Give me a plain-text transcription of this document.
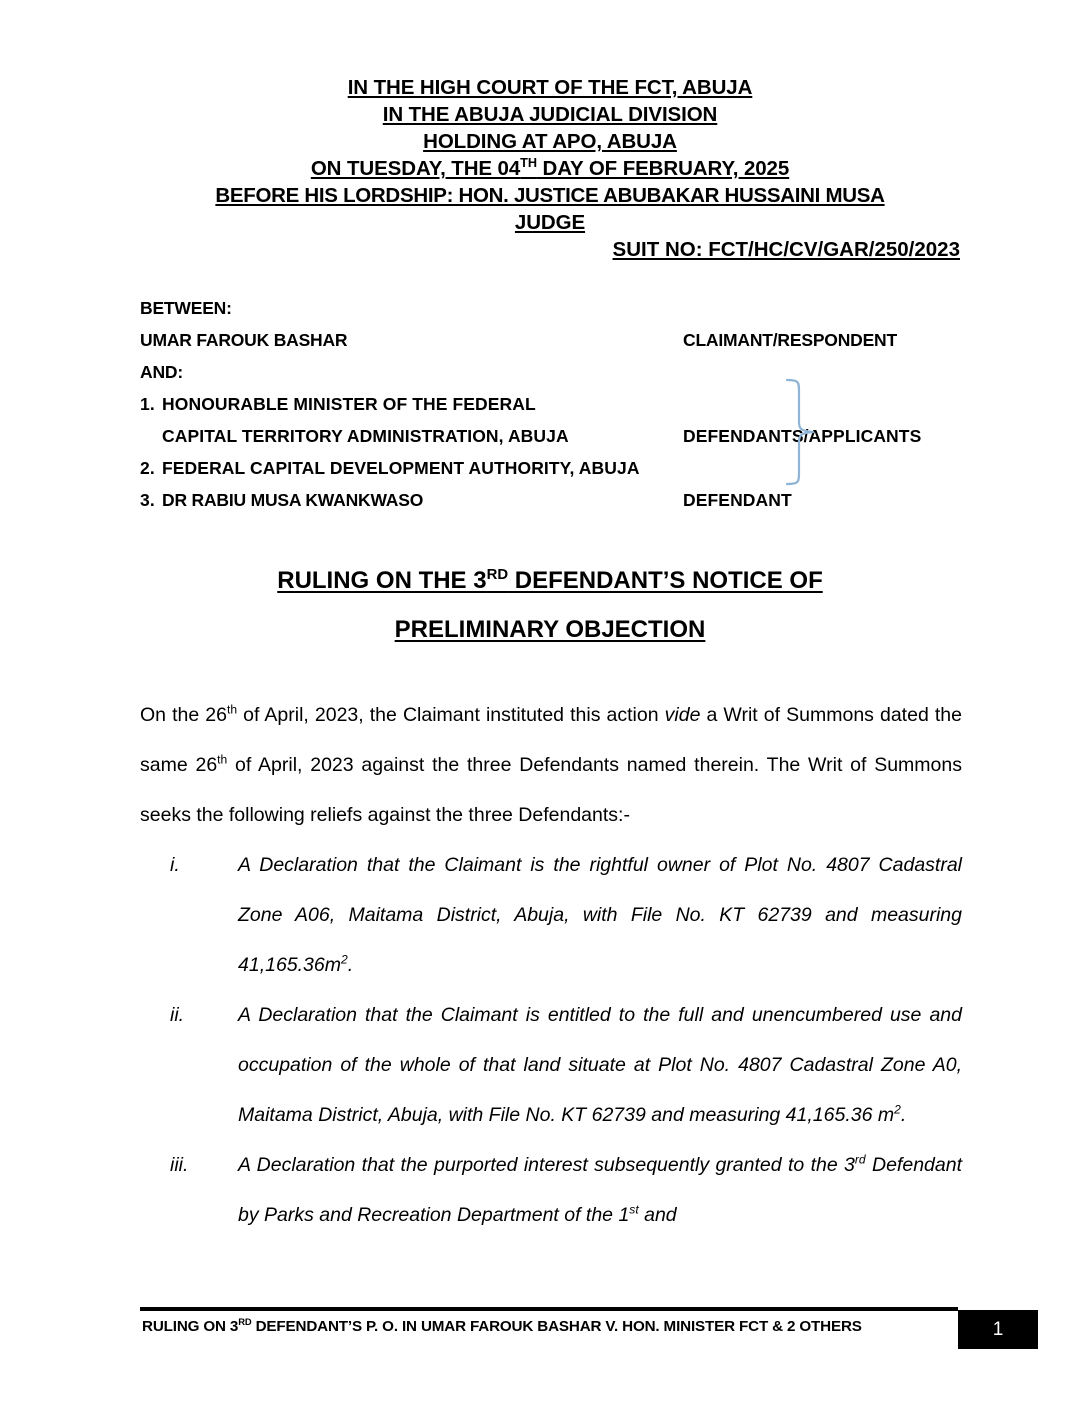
IN THE HIGH COURT OF THE FCT, ABUJA
IN THE ABUJA JUDICIAL DIVISION
HOLDING AT APO, ABUJA
ON TUESDAY, THE 04TH DAY OF FEBRUARY, 2025
BEFORE HIS LORDSHIP: HON. JUSTICE ABUBAKAR HUSSAINI MUSA
JUDGE
SUIT NO: FCT/HC/CV/GAR/250/2023
BETWEEN:
UMAR FAROUK BASHAR	CLAIMANT/RESPONDENT
AND:
1. HONOURABLE MINISTER OF THE FEDERAL
CAPITAL TERRITORY ADMINISTRATION, ABUJA	DEFENDANTS/APPLICANTS
2. FEDERAL CAPITAL DEVELOPMENT AUTHORITY, ABUJA
3. DR RABIU MUSA KWANKWASO	DEFENDANT
RULING ON THE 3RD DEFENDANT’S NOTICE OF
PRELIMINARY OBJECTION

On the 26th of April, 2023, the Claimant instituted this action vide a Writ of Summons dated the same 26th of April, 2023 against the three Defendants named therein. The Writ of Summons seeks the following reliefs against the three Defendants:-

i.	A Declaration that the Claimant is the rightful owner of Plot No. 4807 Cadastral Zone A06, Maitama District, Abuja, with File No. KT 62739 and measuring $41,165.36m^2$.
ii.	A Declaration that the Claimant is entitled to the full and unencumbered use and occupation of the whole of that land situate at Plot No. 4807 Cadastral Zone A0, Maitama District, Abuja, with File No. KT 62739 and measuring 41,165.36 $m^2$.
iii.	A Declaration that the purported interest subsequently granted to the 3rd Defendant by Parks and Recreation Department of the 1st and
RULING ON 3RD DEFENDANT’S P. O. IN UMAR FAROUK BASHAR V. HON. MINISTER FCT & 2 OTHERS	1
